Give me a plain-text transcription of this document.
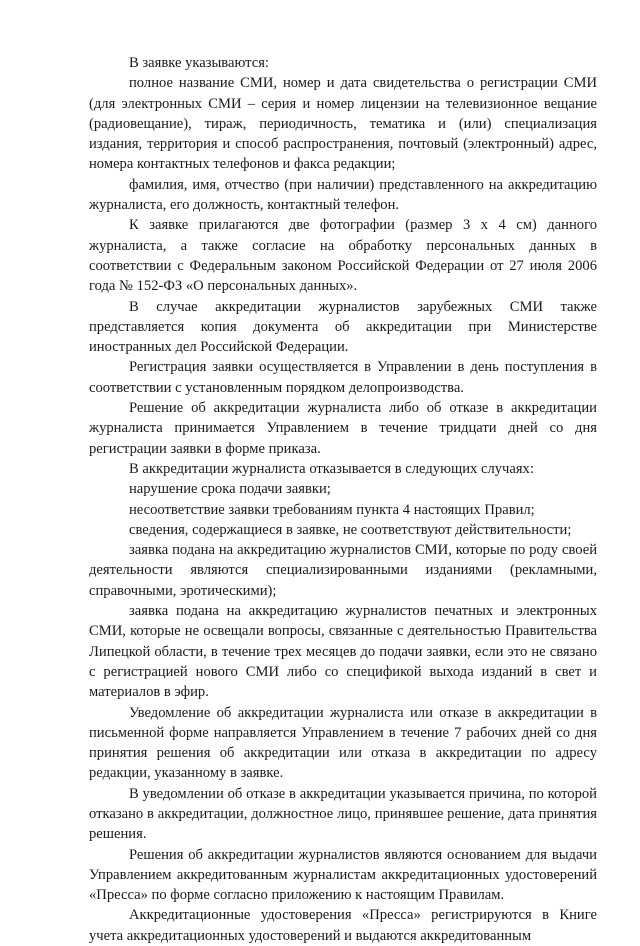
В заявке указываются:

полное название СМИ, номер и дата свидетельства о регистрации СМИ (для электронных СМИ – серия и номер лицензии на телевизионное вещание (радиовещание), тираж, периодичность, тематика и (или) специализация издания, территория и способ распространения, почтовый (электронный) адрес, номера контактных телефонов и факса редакции;

фамилия, имя, отчество (при наличии) представленного на аккредитацию журналиста, его должность, контактный телефон.

К заявке прилагаются две фотографии (размер 3 х 4 см) данного журналиста, а также согласие на обработку персональных данных в соответствии с Федеральным законом Российской Федерации от 27 июля 2006 года № 152-ФЗ «О персональных данных».

В случае аккредитации журналистов зарубежных СМИ также представляется копия документа об аккредитации при Министерстве иностранных дел Российской Федерации.

Регистрация заявки осуществляется в Управлении в день поступления в соответствии с установленным порядком делопроизводства.

Решение об аккредитации журналиста либо об отказе в аккредитации журналиста принимается Управлением в течение тридцати дней со дня регистрации заявки в форме приказа.

В аккредитации журналиста отказывается в следующих случаях:

нарушение срока подачи заявки;

несоответствие заявки требованиям пункта 4 настоящих Правил;

сведения, содержащиеся в заявке, не соответствуют действительности;

заявка подана на аккредитацию журналистов СМИ, которые по роду своей деятельности являются специализированными изданиями (рекламными, справочными, эротическими);

заявка подана на аккредитацию журналистов печатных и электронных СМИ, которые не освещали вопросы, связанные с деятельностью Правительства Липецкой области, в течение трех месяцев до подачи заявки, если это не связано с регистрацией нового СМИ либо со спецификой выхода изданий в свет и материалов в эфир.

Уведомление об аккредитации журналиста или отказе в аккредитации в письменной форме направляется Управлением в течение 7 рабочих дней со дня принятия решения об аккредитации или отказа в аккредитации по адресу редакции, указанному в заявке.

В уведомлении об отказе в аккредитации указывается причина, по которой отказано в аккредитации, должностное лицо, принявшее решение, дата принятия решения.

Решения об аккредитации журналистов являются основанием для выдачи Управлением аккредитованным журналистам аккредитационных удостоверений «Пресса» по форме согласно приложению к настоящим Правилам.

Аккредитационные удостоверения «Пресса» регистрируются в Книге учета аккредитационных удостоверений и выдаются аккредитованным
